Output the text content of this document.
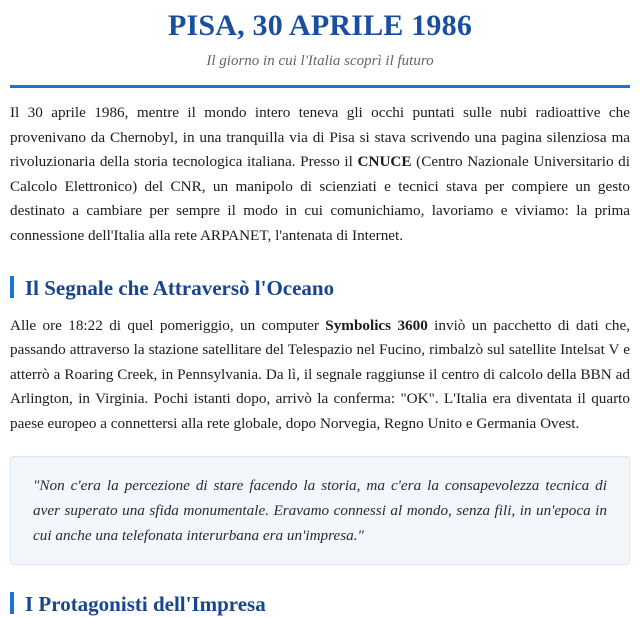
PISA, 30 APRILE 1986
Il giorno in cui l'Italia scoprì il futuro

Il 30 aprile 1986, mentre il mondo intero teneva gli occhi puntati sulle nubi radioattive che provenivano da Chernobyl, in una tranquilla via di Pisa si stava scrivendo una pagina silenziosa ma rivoluzionaria della storia tecnologica italiana. Presso il CNUCE (Centro Nazionale Universitario di Calcolo Elettronico) del CNR, un manipolo di scienziati e tecnici stava per compiere un gesto destinato a cambiare per sempre il modo in cui comunichiamo, lavoriamo e viviamo: la prima connessione dell'Italia alla rete ARPANET, l'antenata di Internet.

Il Segnale che Attraversò l'Oceano

Alle ore 18:22 di quel pomeriggio, un computer Symbolics 3600 inviò un pacchetto di dati che, passando attraverso la stazione satellitare del Telespazio nel Fucino, rimbalzò sul satellite Intelsat V e atterrò a Roaring Creek, in Pennsylvania. Da lì, il segnale raggiunse il centro di calcolo della BBN ad Arlington, in Virginia. Pochi istanti dopo, arrivò la conferma: "OK". L'Italia era diventata il quarto paese europeo a connettersi alla rete globale, dopo Norvegia, Regno Unito e Germania Ovest.

"Non c'era la percezione di stare facendo la storia, ma c'era la consapevolezza tecnica di aver superato una sfida monumentale. Eravamo connessi al mondo, senza fili, in un'epoca in cui anche una telefonata interurbana era un'impresa."

I Protagonisti dell'Impresa
